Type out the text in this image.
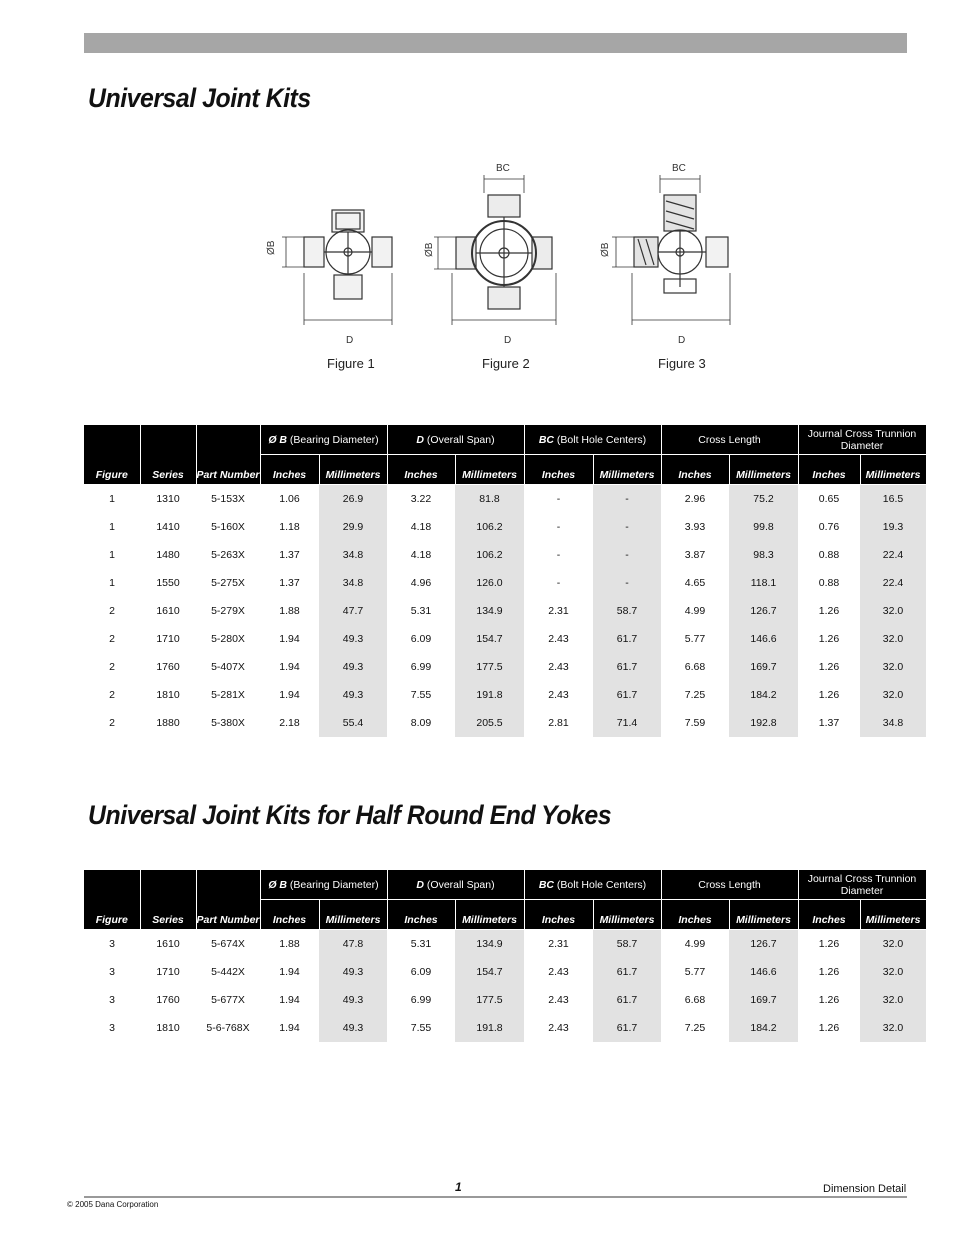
Universal Joint Kits
D	D	D
BC	BC
ØB	ØB	ØB
Figure 1	Figure 2	Figure 3
Figure	Series	Part Number	Ø B (Bearing Diameter)		D (Overall Span)		BC (Bolt Hole Centers)		Cross Length		Journal Cross Trunnion Diameter	
			Inches	Millimeters	Inches	Millimeters	Inches	Millimeters	Inches	Millimeters	Inches	Millimeters
1	1310	5-153X	1.06	26.9	3.22	81.8	-	-	2.96	75.2	0.65	16.5
1	1410	5-160X	1.18	29.9	4.18	106.2	-	-	3.93	99.8	0.76	19.3
1	1480	5-263X	1.37	34.8	4.18	106.2	-	-	3.87	98.3	0.88	22.4
1	1550	5-275X	1.37	34.8	4.96	126.0	-	-	4.65	118.1	0.88	22.4
2	1610	5-279X	1.88	47.7	5.31	134.9	2.31	58.7	4.99	126.7	1.26	32.0
2	1710	5-280X	1.94	49.3	6.09	154.7	2.43	61.7	5.77	146.6	1.26	32.0
2	1760	5-407X	1.94	49.3	6.99	177.5	2.43	61.7	6.68	169.7	1.26	32.0
2	1810	5-281X	1.94	49.3	7.55	191.8	2.43	61.7	7.25	184.2	1.26	32.0
2	1880	5-380X	2.18	55.4	8.09	205.5	2.81	71.4	7.59	192.8	1.37	34.8
Universal Joint Kits for Half Round End Yokes
Figure	Series	Part Number	Ø B (Bearing Diameter)		D (Overall Span)		BC (Bolt Hole Centers)		Cross Length		Journal Cross Trunnion Diameter	
			Inches	Millimeters	Inches	Millimeters	Inches	Millimeters	Inches	Millimeters	Inches	Millimeters
3	1610	5-674X	1.88	47.8	5.31	134.9	2.31	58.7	4.99	126.7	1.26	32.0
3	1710	5-442X	1.94	49.3	6.09	154.7	2.43	61.7	5.77	146.6	1.26	32.0
3	1760	5-677X	1.94	49.3	6.99	177.5	2.43	61.7	6.68	169.7	1.26	32.0
3	1810	5-6-768X	1.94	49.3	7.55	191.8	2.43	61.7	7.25	184.2	1.26	32.0
1	Dimension Detail
© 2005 Dana Corporation
